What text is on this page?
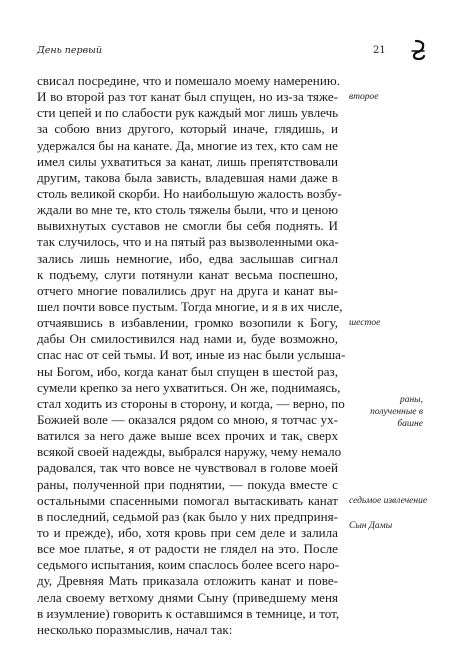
День первый	21
свисал посредине, что и помешало моему намерению.
И во второй раз тот канат был спущен, но из-за тяже-
сти цепей и по слабости рук каждый мог лишь увлечь
за собою вниз другого, который иначе, глядишь, и
удержался бы на канате. Да, многие из тех, кто сам не
имел силы ухватиться за канат, лишь препятствовали
другим, такова была зависть, владевшая нами даже в
столь великой скорби. Но наибольшую жалость возбу-
ждали во мне те, кто столь тяжелы были, что и ценою
вывихнутых суставов не смогли бы себя поднять. И
так случилось, что и на пятый раз вызволенными ока-
зались лишь немногие, ибо, едва заслышав сигнал
к подъему, слуги потянули канат весьма поспешно,
отчего многие повалились друг на друга и канат вы-
шел почти вовсе пустым. Тогда многие, и я в их числе,
отчаявшись в избавлении, громко возопили к Богу,
дабы Он смилостивился над нами и, буде возможно,
спас нас от сей тьмы. И вот, иные из нас были услышa-
ны Богом, ибо, когда канат был спущен в шестой раз,
сумели крепко за него ухватиться. Он же, поднимаясь,
стал ходить из стороны в сторону, и когда, — верно, по
Божией воле — оказался рядом со мною, я тотчас ух-
ватился за него даже выше всех прочих и так, сверх
всякой своей надежды, выбрался наружу, чему немало
радовался, так что вовсе не чувствовал в голове моей
раны, полученной при поднятии, — покуда вместе с
остальными спасенными помогал вытаскивать канат
в последний, седьмой раз (как было у них предприня-
то и прежде), ибо, хотя кровь при сем деле и залила
все мое платье, я от радости не глядел на это. После
седьмого испытания, коим спаслось более всего наро-
ду, Древняя Мать приказала отложить канат и пове-
лела своему ветхому днями Сыну (приведшему меня
в изумление) говорить к оставшимся в темнице, и тот,
несколько поразмыслив, начал так:
второе
шестое
раны, полученные в башне
седьмое извлечение
Сын Дамы
